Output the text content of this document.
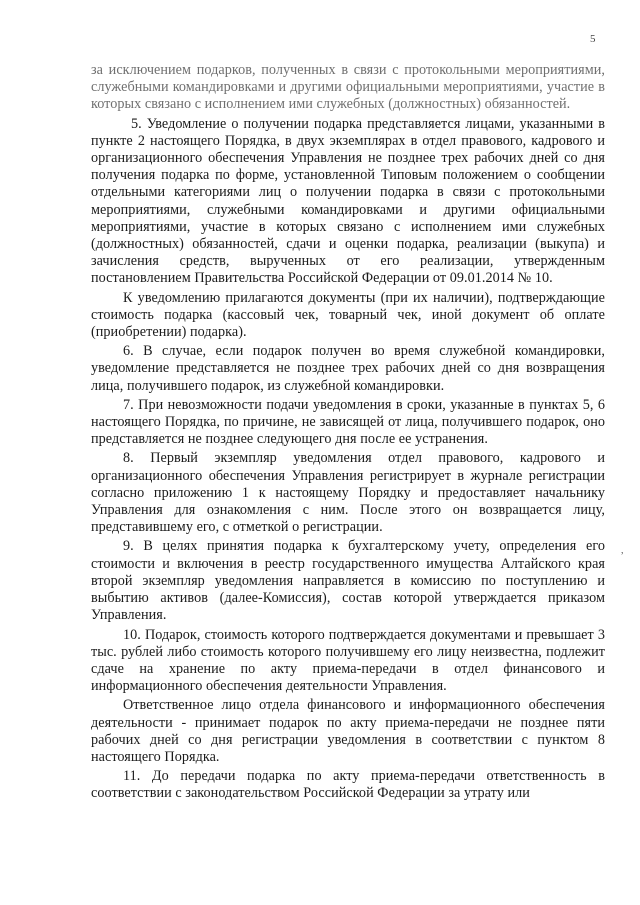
5

за исключением подарков, полученных в связи с протокольными мероприятиями, служебными командировками и другими официальными мероприятиями, участие в которых связано с исполнением ими служебных (должностных) обязанностей.

5. Уведомление о получении подарка представляется лицами, указанными в пункте 2 настоящего Порядка, в двух экземплярах в отдел правового, кадрового и организационного обеспечения Управления не позднее трех рабочих дней со дня получения подарка по форме, установленной Типовым положением о сообщении отдельными категориями лиц о получении подарка в связи с протокольными мероприятиями, служебными командировками и другими официальными мероприятиями, участие в которых связано с исполнением ими служебных (должностных) обязанностей, сдачи и оценки подарка, реализации (выкупа) и зачисления средств, вырученных от его реализации, утвержденным постановлением Правительства Российской Федерации от 09.01.2014 № 10.

К уведомлению прилагаются документы (при их наличии), подтверждающие стоимость подарка (кассовый чек, товарный чек, иной документ об оплате (приобретении) подарка).

6. В случае, если подарок получен во время служебной командировки, уведомление представляется не позднее трех рабочих дней со дня возвращения лица, получившего подарок, из служебной командировки.

7. При невозможности подачи уведомления в сроки, указанные в пунктах 5, 6 настоящего Порядка, по причине, не зависящей от лица, получившего подарок, оно представляется не позднее следующего дня после ее устранения.

8. Первый экземпляр уведомления отдел правового, кадрового и организационного обеспечения Управления регистрирует в журнале регистрации согласно приложению 1 к настоящему Порядку и предоставляет начальнику Управления для ознакомления с ним. После этого он возвращается лицу, представившему его, с отметкой о регистрации.

9. В целях принятия подарка к бухгалтерскому учету, определения его стоимости и включения в реестр государственного имущества Алтайского края второй экземпляр уведомления направляется в комиссию по поступлению и выбытию активов (далее-Комиссия), состав которой утверждается приказом Управления.

10. Подарок, стоимость которого подтверждается документами и превышает 3 тыс. рублей либо стоимость которого получившему его лицу неизвестна, подлежит сдаче на хранение по акту приема-передачи в отдел финансового и информационного обеспечения деятельности Управления.

Ответственное лицо отдела финансового и информационного обеспечения деятельности - принимает подарок по акту приема-передачи не позднее пяти рабочих дней со дня регистрации уведомления в соответствии с пунктом 8 настоящего Порядка.

11. До передачи подарка по акту приема-передачи ответственность в соответствии с законодательством Российской Федерации за утрату или

,
